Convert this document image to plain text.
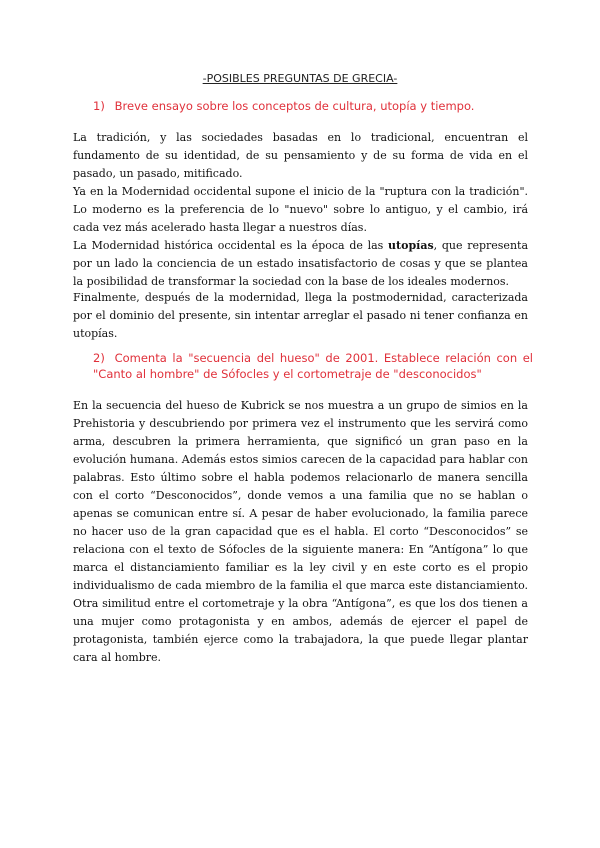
-POSIBLES PREGUNTAS DE GRECIA-
1) Breve ensayo sobre los conceptos de cultura, utopía y tiempo.

La tradición, y las sociedades basadas en lo tradicional, encuentran el fundamento de su identidad, de su pensamiento y de su forma de vida en el pasado, un pasado, mitificado.

Ya en la Modernidad occidental supone el inicio de la "ruptura con la tradición". Lo moderno es la preferencia de lo "nuevo" sobre lo antiguo, y el cambio, irá cada vez más acelerado hasta llegar a nuestros días.

La Modernidad histórica occidental es la época de las utopías, que representa por un lado la conciencia de un estado insatisfactorio de cosas y que se plantea la posibilidad de transformar la sociedad con la base de los ideales modernos.

Finalmente, después de la modernidad, llega la postmodernidad, caracterizada por el dominio del presente, sin intentar arreglar el pasado ni tener confianza en utopías.

2) Comenta la "secuencia del hueso" de 2001. Establece relación con el "Canto al hombre" de Sófocles y el cortometraje de "desconocidos"

En la secuencia del hueso de Kubrick se nos muestra a un grupo de simios en la Prehistoria y descubriendo por primera vez el instrumento que les servirá como arma, descubren la primera herramienta, que significó un gran paso en la evolución humana. Además estos simios carecen de la capacidad para hablar con palabras. Esto último sobre el habla podemos relacionarlo de manera sencilla con el corto “Desconocidos”, donde vemos a una familia que no se hablan o apenas se comunican entre sí. A pesar de haber evolucionado, la familia parece no hacer uso de la gran capacidad que es el habla. El corto “Desconocidos” se relaciona con el texto de Sófocles de la siguiente manera: En “Antígona” lo que marca el distanciamiento familiar es la ley civil y en este corto es el propio individualismo de cada miembro de la familia el que marca este distanciamiento. Otra similitud entre el cortometraje y la obra “Antígona”, es que los dos tienen a una mujer como protagonista y en ambos, además de ejercer el papel de protagonista, también ejerce como la trabajadora, la que puede llegar plantar cara al hombre.
